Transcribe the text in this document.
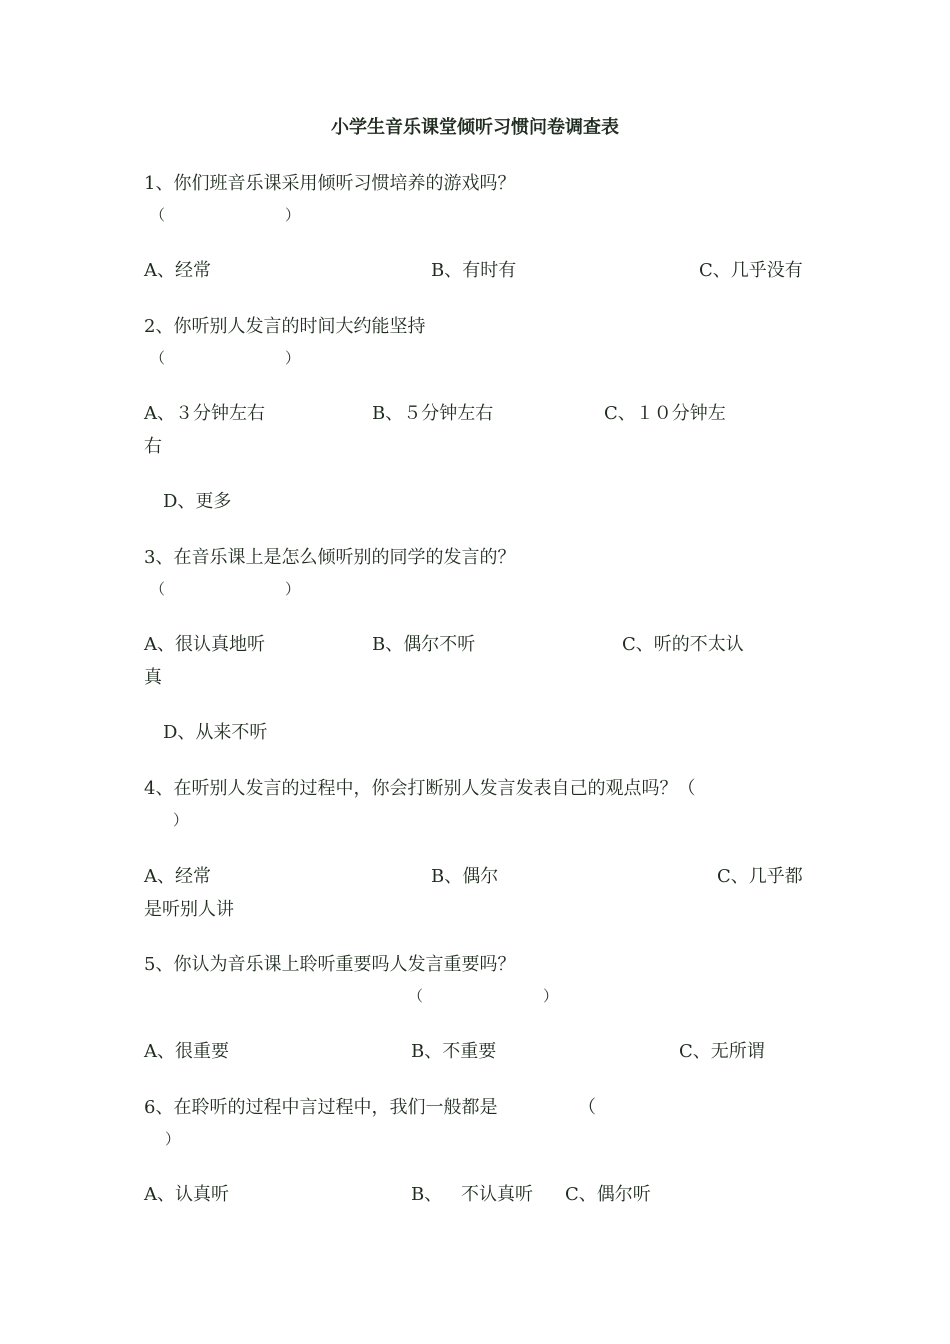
小学生音乐课堂倾听习惯问卷调查表
1、你们班音乐课采用倾听习惯培养的游戏吗？
（　　　　　　　　）
A、经常	B、有时有	C、几乎没有
2、你听别人发言的时间大约能坚持
（　　　　　　　　）
A、３分钟左右	B、５分钟左右	C、１０分钟左
右
D、更多
3、在音乐课上是怎么倾听别的同学的发言的？
（　　　　　　　　）
A、很认真地听	B、偶尔不听	C、听的不太认
真
D、从来不听
4、在听别人发言的过程中，你会打断别人发言发表自己的观点吗？（
）
A、经常	B、偶尔	C、几乎都
是听别人讲
5、你认为音乐课上聆听重要吗人发言重要吗？
（　　　　　　　　）
A、很重要	B、不重要	C、无所谓
6、在聆听的过程中言过程中，我们一般都是	（
）
A、认真听	B、 不认真听 C、偶尔听
